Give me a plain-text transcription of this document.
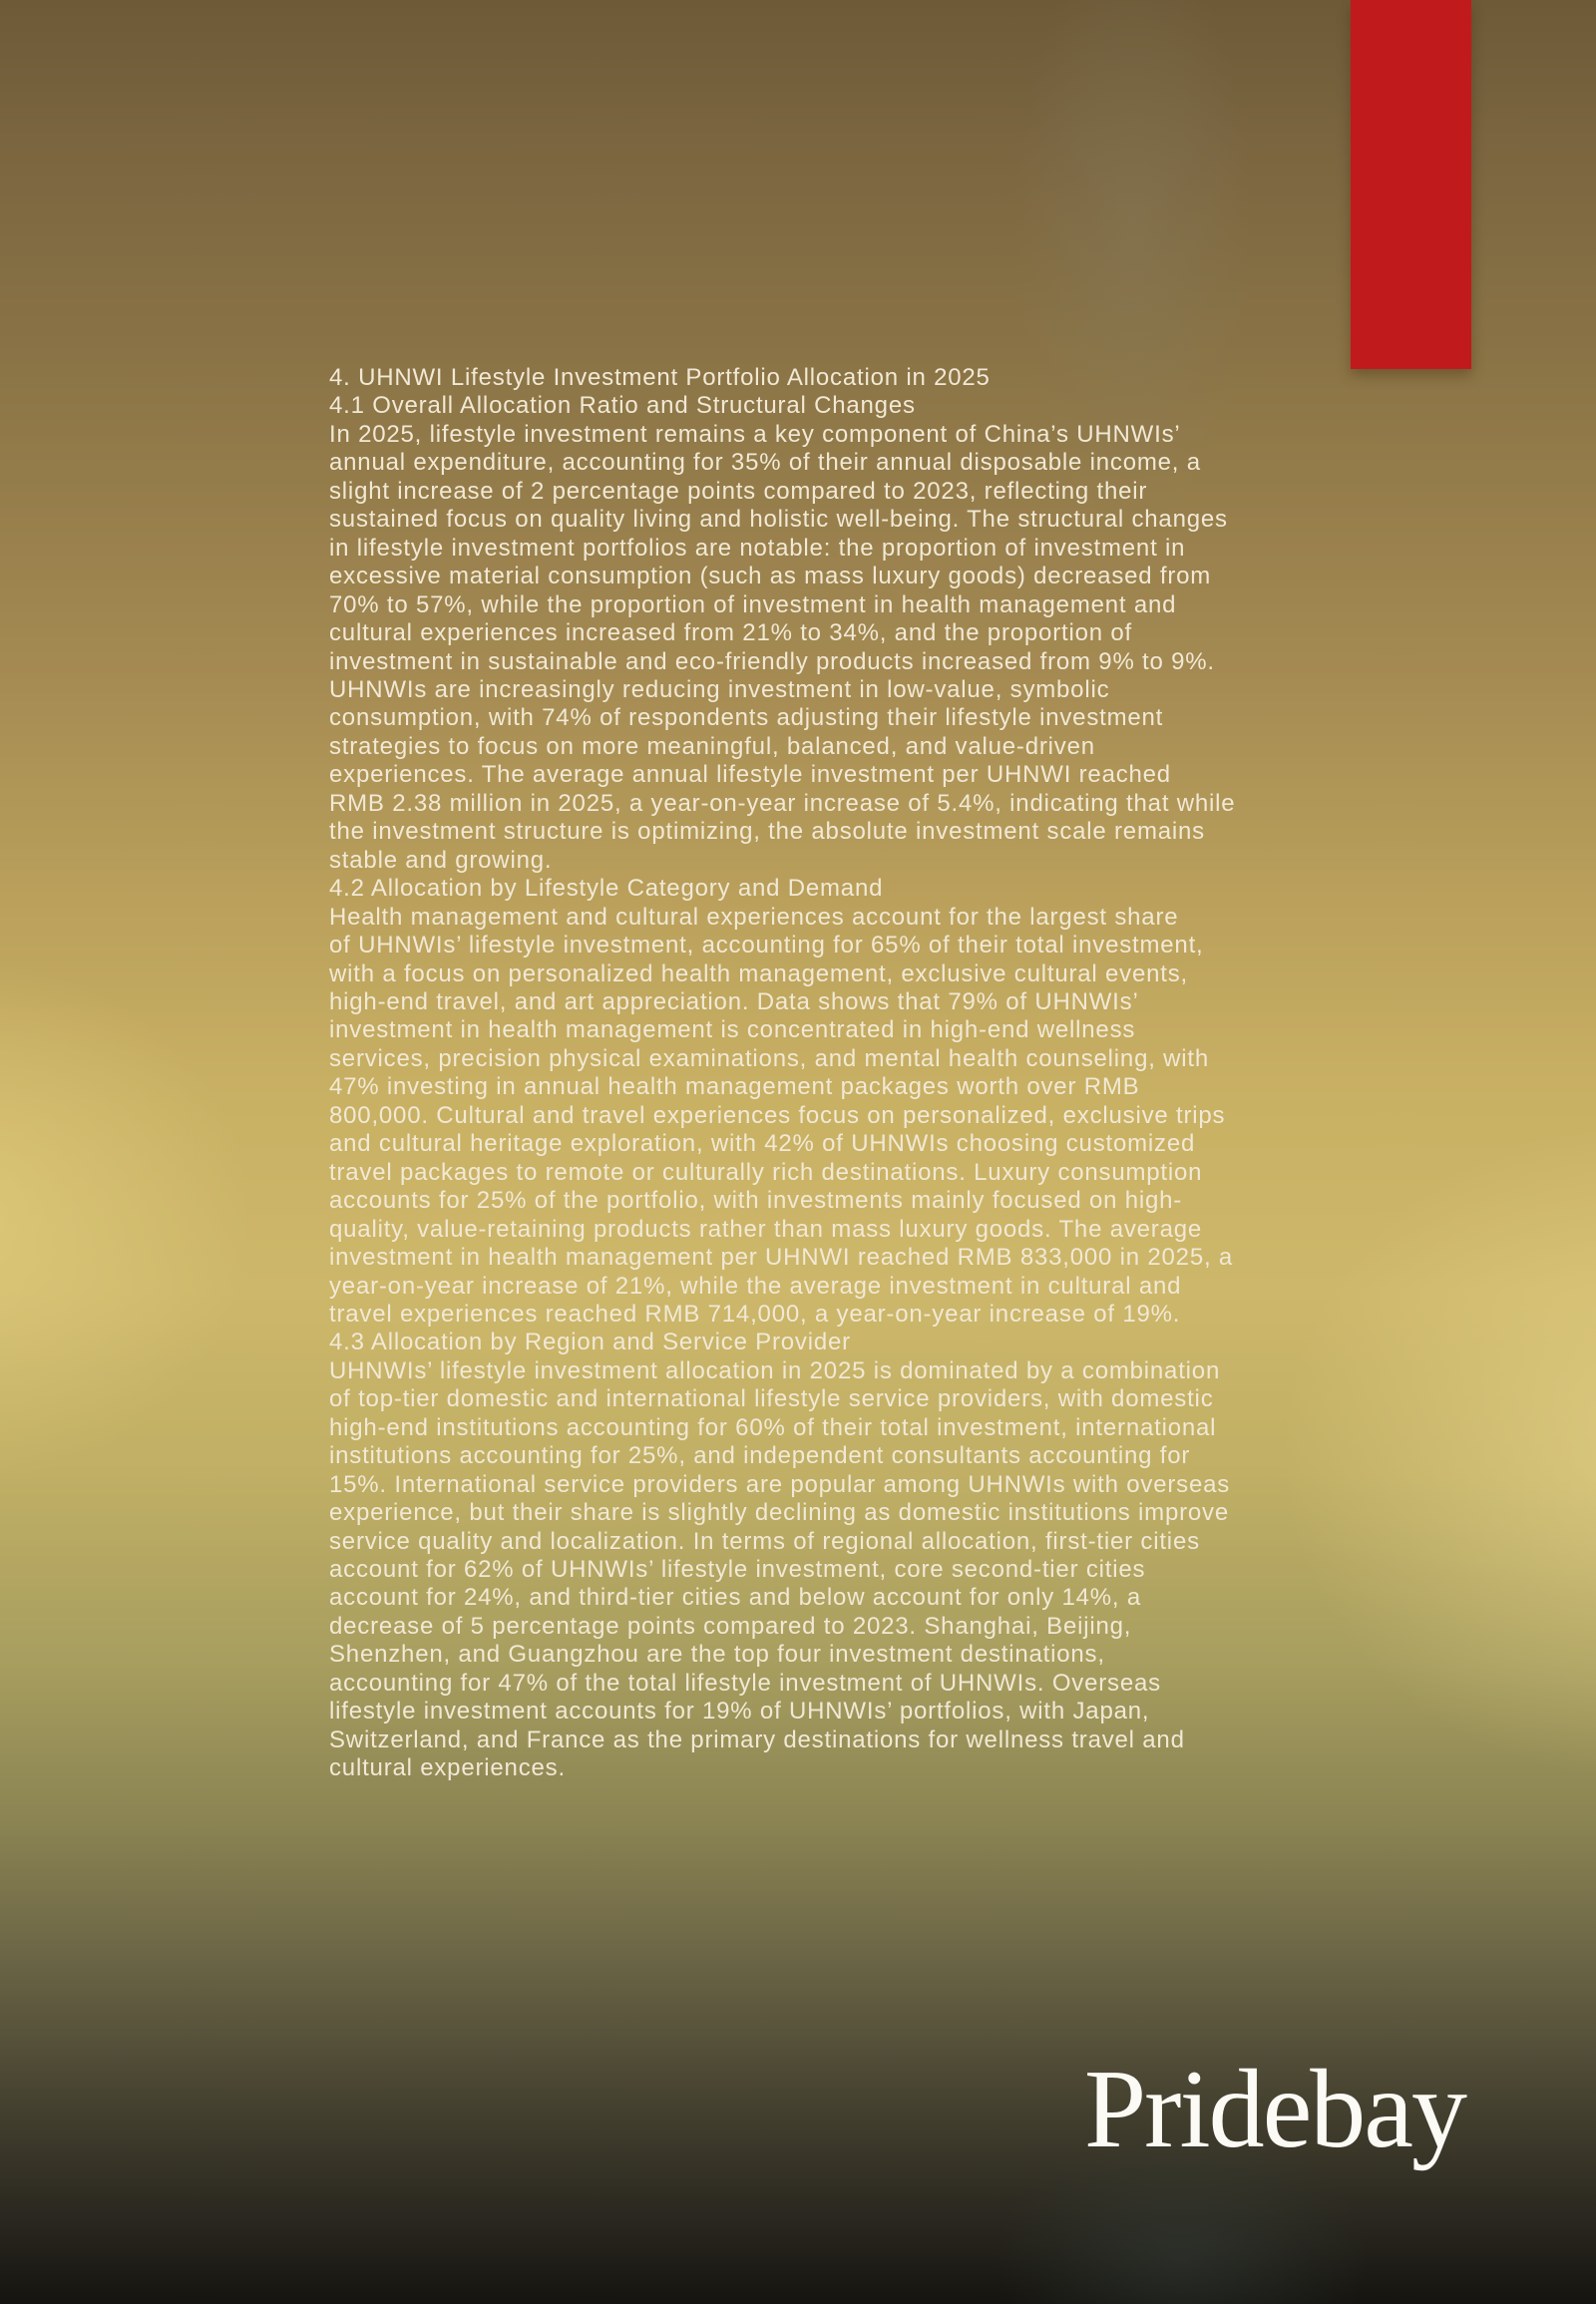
4. UHNWI Lifestyle Investment Portfolio Allocation in 2025
4.1 Overall Allocation Ratio and Structural Changes
In 2025, lifestyle investment remains a key component of China’s UHNWIs’
annual expenditure, accounting for 35% of their annual disposable income, a
slight increase of 2 percentage points compared to 2023, reflecting their
sustained focus on quality living and holistic well-being. The structural changes
in lifestyle investment portfolios are notable: the proportion of investment in
excessive material consumption (such as mass luxury goods) decreased from
70% to 57%, while the proportion of investment in health management and
cultural experiences increased from 21% to 34%, and the proportion of
investment in sustainable and eco-friendly products increased from 9% to 9%.
UHNWIs are increasingly reducing investment in low-value, symbolic
consumption, with 74% of respondents adjusting their lifestyle investment
strategies to focus on more meaningful, balanced, and value-driven
experiences. The average annual lifestyle investment per UHNWI reached
RMB 2.38 million in 2025, a year-on-year increase of 5.4%, indicating that while
the investment structure is optimizing, the absolute investment scale remains
stable and growing.
4.2 Allocation by Lifestyle Category and Demand
Health management and cultural experiences account for the largest share
of UHNWIs’ lifestyle investment, accounting for 65% of their total investment,
with a focus on personalized health management, exclusive cultural events,
high-end travel, and art appreciation. Data shows that 79% of UHNWIs’
investment in health management is concentrated in high-end wellness
services, precision physical examinations, and mental health counseling, with
47% investing in annual health management packages worth over RMB
800,000. Cultural and travel experiences focus on personalized, exclusive trips
and cultural heritage exploration, with 42% of UHNWIs choosing customized
travel packages to remote or culturally rich destinations. Luxury consumption
accounts for 25% of the portfolio, with investments mainly focused on high-
quality, value-retaining products rather than mass luxury goods. The average
investment in health management per UHNWI reached RMB 833,000 in 2025, a
year-on-year increase of 21%, while the average investment in cultural and
travel experiences reached RMB 714,000, a year-on-year increase of 19%.
4.3 Allocation by Region and Service Provider
UHNWIs’ lifestyle investment allocation in 2025 is dominated by a combination
of top-tier domestic and international lifestyle service providers, with domestic
high-end institutions accounting for 60% of their total investment, international
institutions accounting for 25%, and independent consultants accounting for
15%. International service providers are popular among UHNWIs with overseas
experience, but their share is slightly declining as domestic institutions improve
service quality and localization. In terms of regional allocation, first-tier cities
account for 62% of UHNWIs’ lifestyle investment, core second-tier cities
account for 24%, and third-tier cities and below account for only 14%, a
decrease of 5 percentage points compared to 2023. Shanghai, Beijing,
Shenzhen, and Guangzhou are the top four investment destinations,
accounting for 47% of the total lifestyle investment of UHNWIs. Overseas
lifestyle investment accounts for 19% of UHNWIs’ portfolios, with Japan,
Switzerland, and France as the primary destinations for wellness travel and
cultural experiences.
Pridebay
